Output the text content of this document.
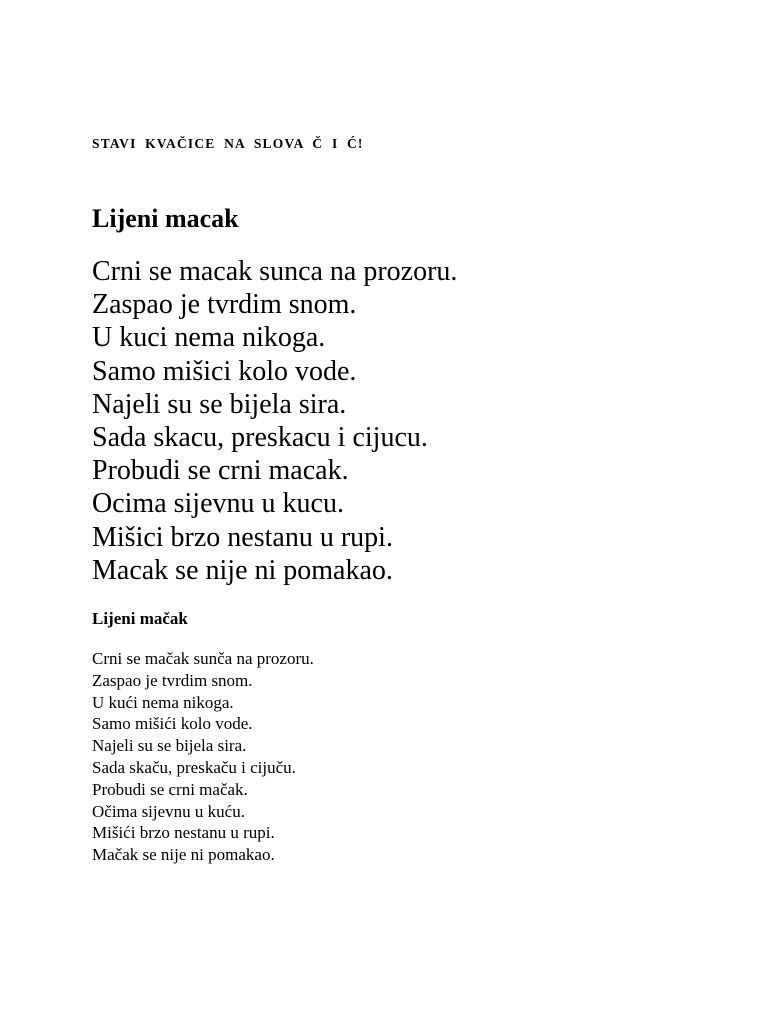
STAVI KVAČICE NA SLOVA Č I Ć!
Lijeni macak
Crni se macak sunca na prozoru.
Zaspao je tvrdim snom.
U kuci nema nikoga.
Samo mišici kolo vode.
Najeli su se bijela sira.
Sada skacu, preskacu i cijucu.
Probudi se crni macak.
Ocima sijevnu u kucu.
Mišici brzo nestanu u rupi.
Macak se nije ni pomakao.
Lijeni mačak
Crni se mačak sunča na prozoru.
Zaspao je tvrdim snom.
U kući nema nikoga.
Samo mišići kolo vode.
Najeli su se bijela sira.
Sada skaču, preskaču i cijuču.
Probudi se crni mačak.
Očima sijevnu u kuću.
Mišići brzo nestanu u rupi.
Mačak se nije ni pomakao.
